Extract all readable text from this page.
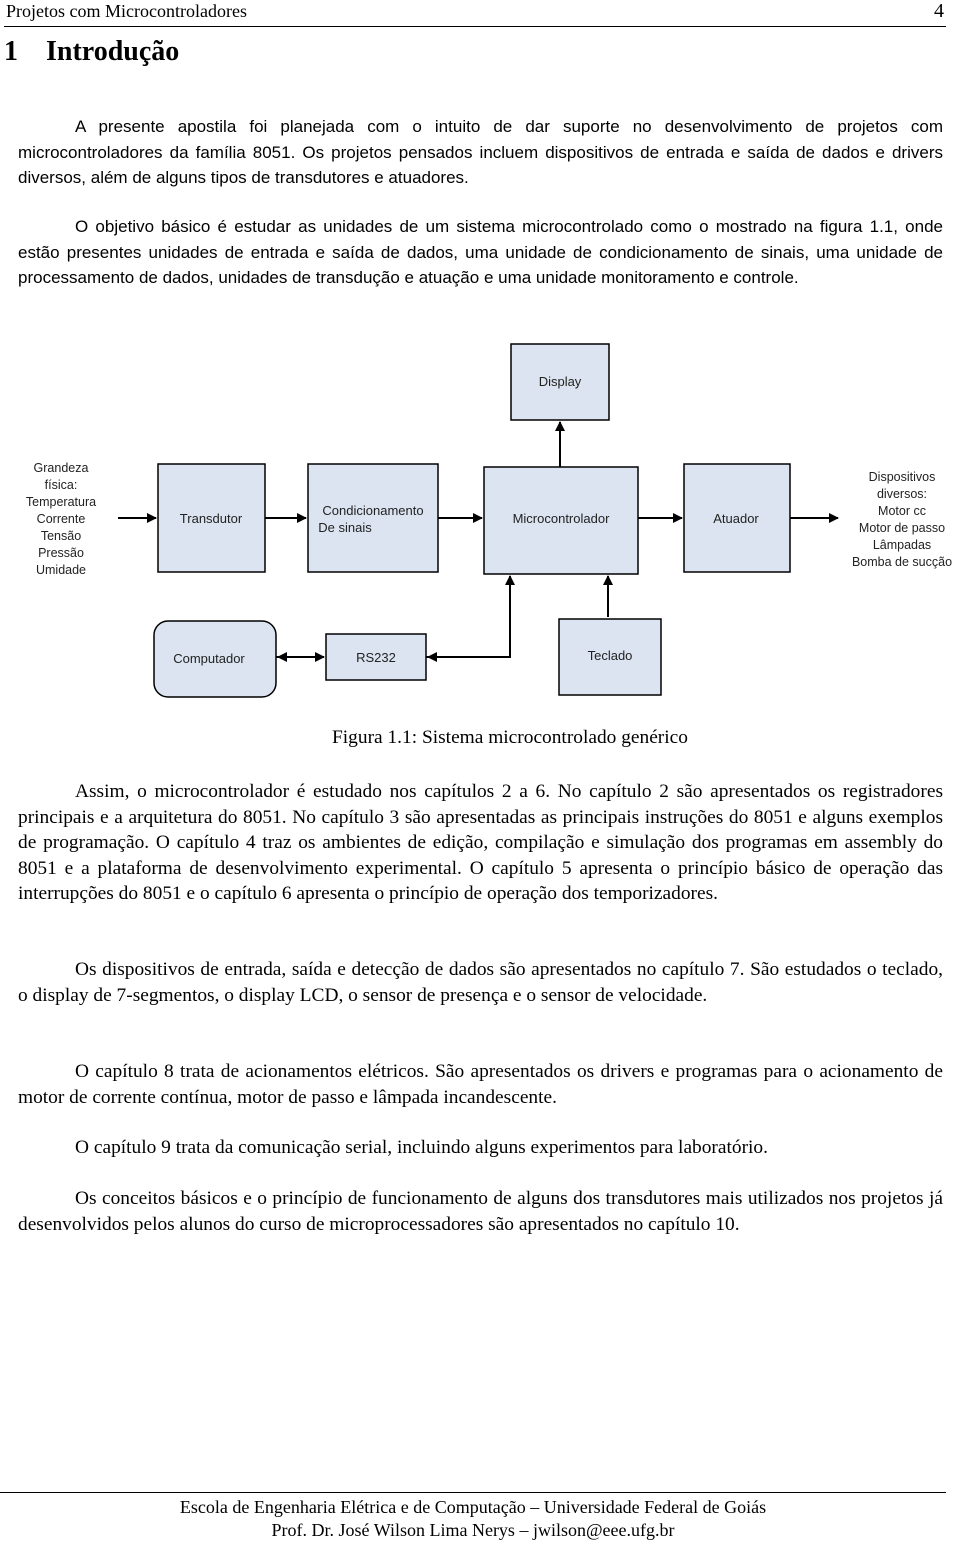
Projetos com Microcontroladores	4
1 Introdução

A presente apostila foi planejada com o intuito de dar suporte no desenvolvimento de projetos com microcontroladores da família 8051. Os projetos pensados incluem dispositivos de entrada e saída de dados e drivers diversos, além de alguns tipos de transdutores e atuadores.

O objetivo básico é estudar as unidades de um sistema microcontrolado como o mostrado na figura 1.1, onde estão presentes unidades de entrada e saída de dados, uma unidade de condicionamento de sinais, uma unidade de processamento de dados, unidades de transdução e atuação e uma unidade monitoramento e controle.

Display
Transdutor
Condicionamento
De sinais
Microcontrolador	Atuador
Computador	RS232	Teclado
Grandeza
física:
Temperatura
Corrente
Tensão
Pressão
Umidade
Dispositivos
diversos:
Motor cc
Motor de passo
Lâmpadas
Bomba de sucção
Figura 1.1: Sistema microcontrolado genérico

Assim, o microcontrolador é estudado nos capítulos 2 a 6. No capítulo 2 são apresentados os registradores principais e a arquitetura do 8051. No capítulo 3 são apresentadas as principais instruções do 8051 e alguns exemplos de programação. O capítulo 4 traz os ambientes de edição, compilação e simulação dos programas em assembly do 8051 e a plataforma de desenvolvimento experimental. O capítulo 5 apresenta o princípio básico de operação das interrupções do 8051 e o capítulo 6 apresenta o princípio de operação dos temporizadores.

Os dispositivos de entrada, saída e detecção de dados são apresentados no capítulo 7. São estudados o teclado, o display de 7-segmentos, o display LCD, o sensor de presença e o sensor de velocidade.

O capítulo 8 trata de acionamentos elétricos. São apresentados os drivers e programas para o acionamento de motor de corrente contínua, motor de passo e lâmpada incandescente.

O capítulo 9 trata da comunicação serial, incluindo alguns experimentos para laboratório.

Os conceitos básicos e o princípio de funcionamento de alguns dos transdutores mais utilizados nos projetos já desenvolvidos pelos alunos do curso de microprocessadores são apresentados no capítulo 10.

Escola de Engenharia Elétrica e de Computação – Universidade Federal de Goiás
Prof. Dr. José Wilson Lima Nerys – jwilson@eee.ufg.br
